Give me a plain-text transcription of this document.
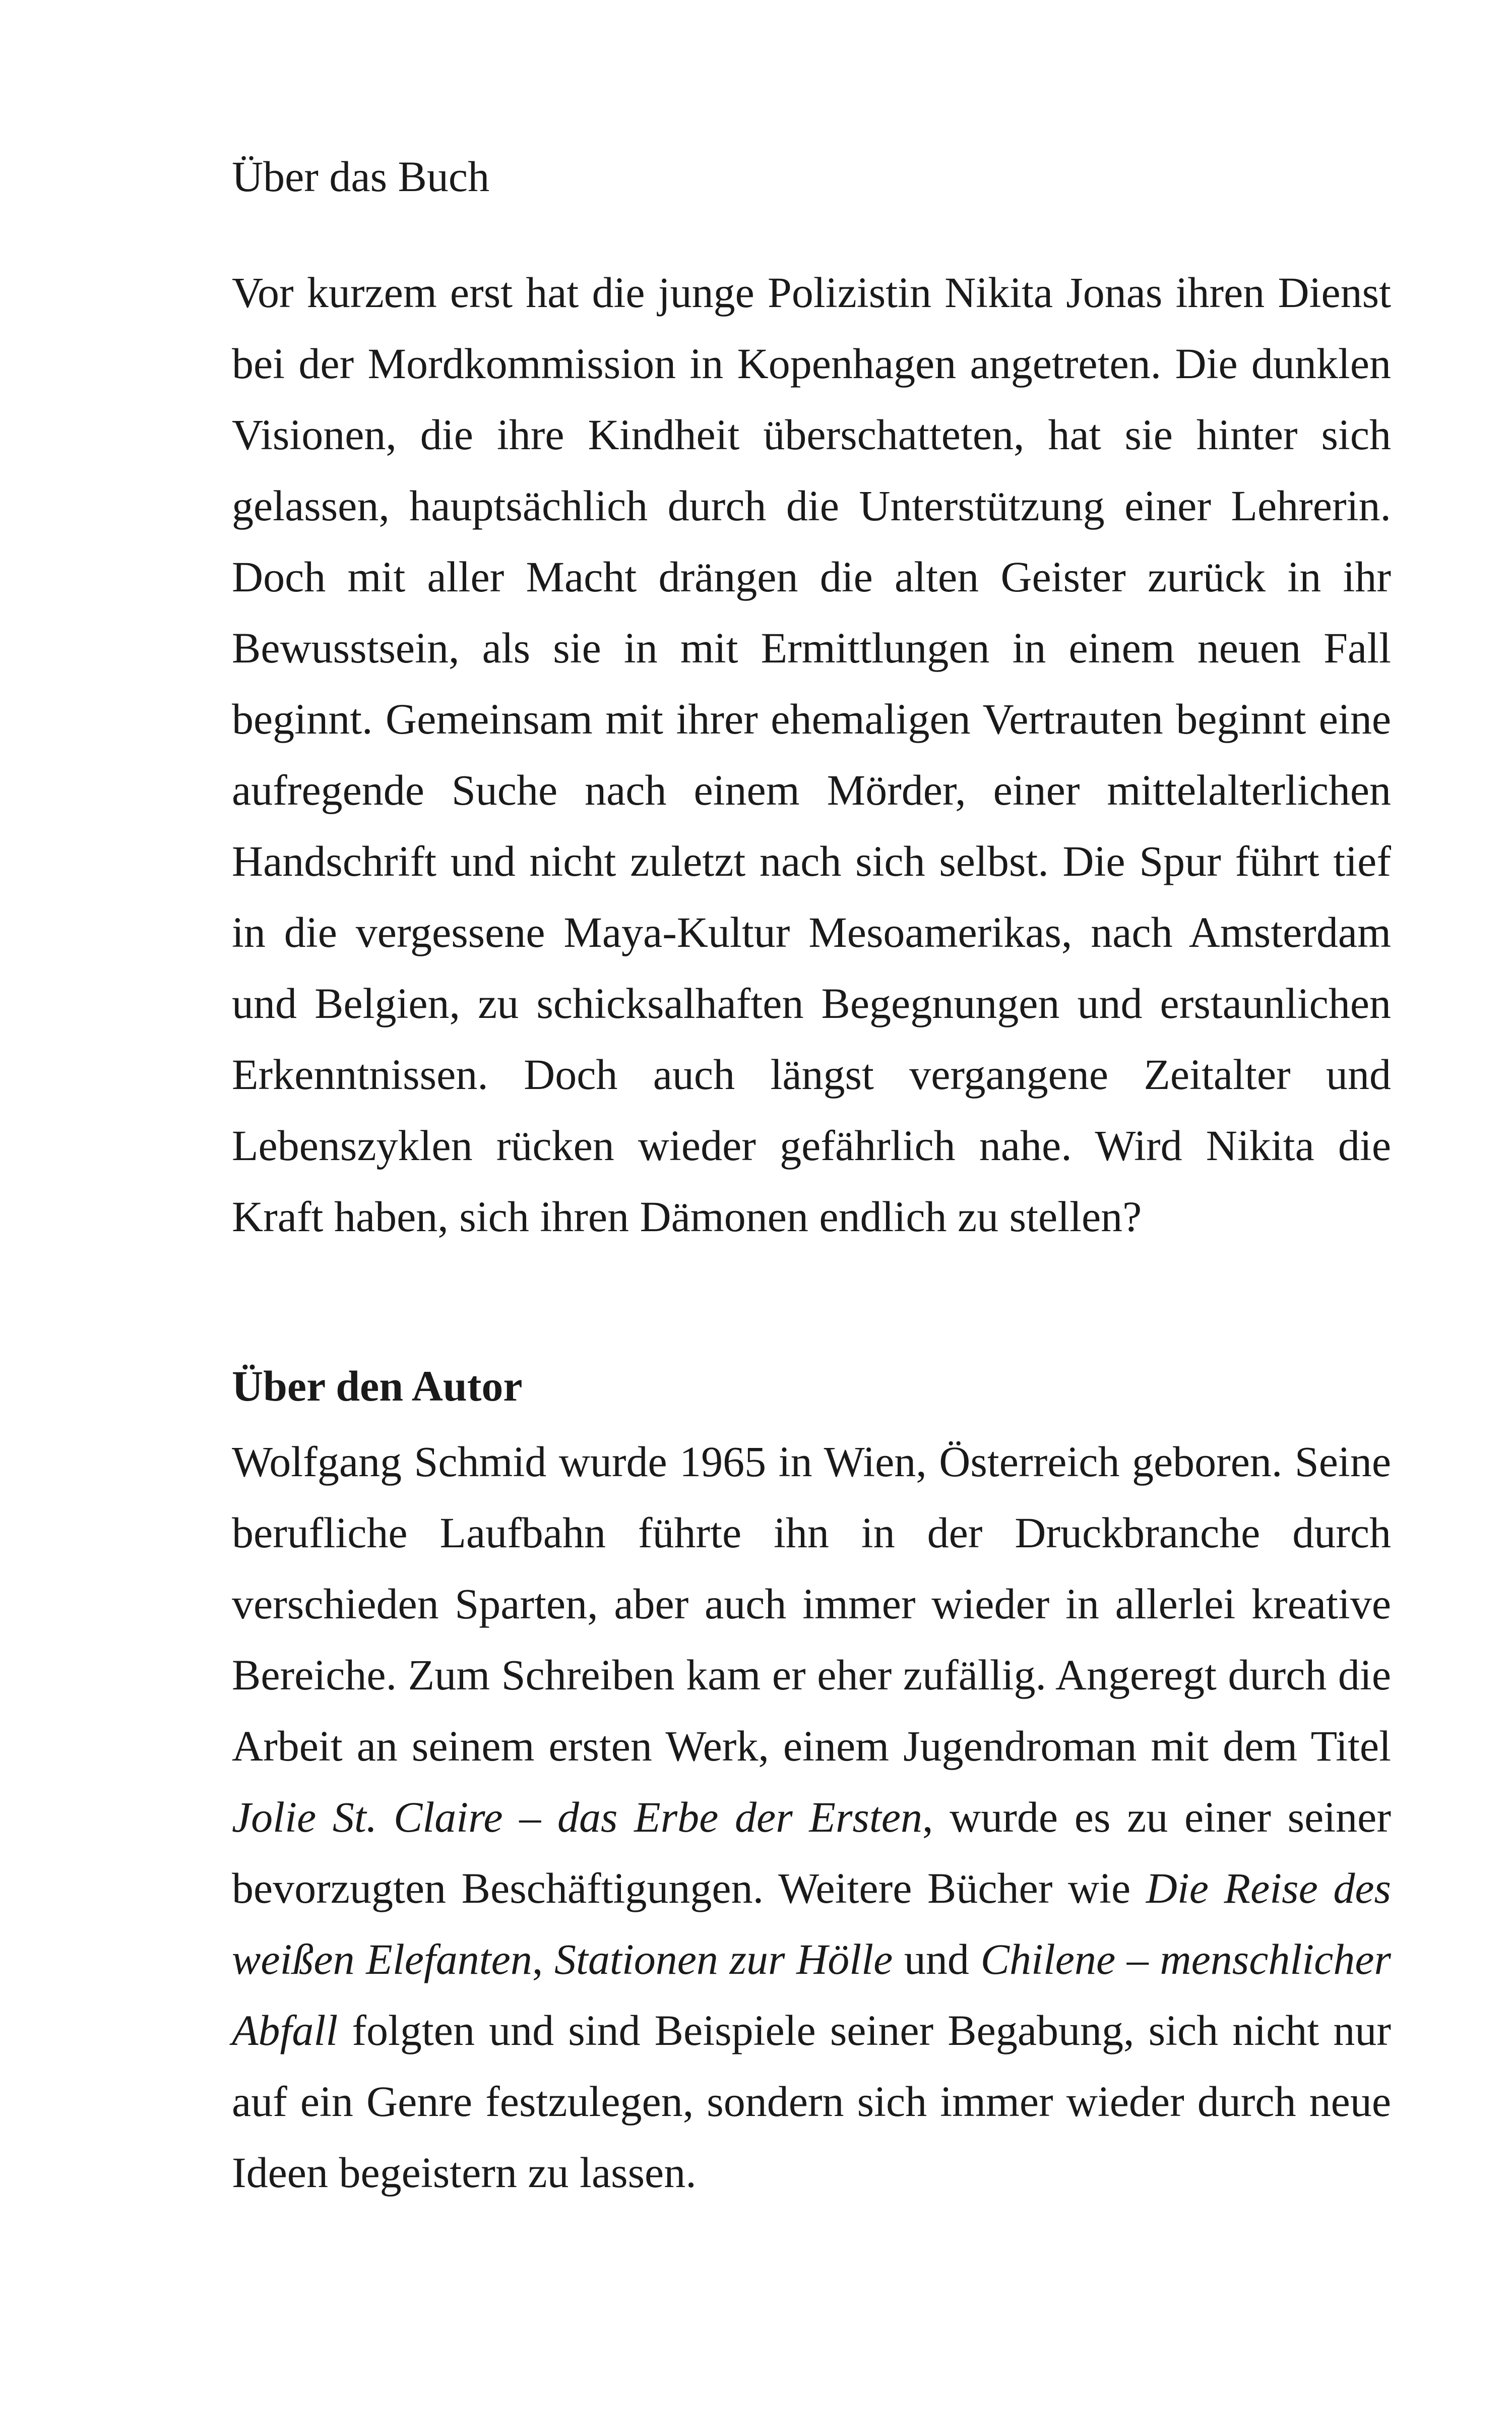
Über das Buch

Vor kurzem erst hat die junge Polizistin Nikita Jonas ihren Dienst bei der Mordkommission in Kopenhagen angetreten. Die dunklen Visionen, die ihre Kindheit überschatteten, hat sie hinter sich gelassen, hauptsächlich durch die Unterstützung einer Lehrerin. Doch mit aller Macht drängen die alten Geister zurück in ihr Bewusstsein, als sie in mit Ermittlungen in einem neuen Fall beginnt. Gemeinsam mit ihrer ehemaligen Vertrauten beginnt eine aufregende Suche nach einem Mörder, einer mittelalterlichen Handschrift und nicht zuletzt nach sich selbst. Die Spur führt tief in die vergessene Maya-Kultur Mesoamerikas, nach Amsterdam und Belgien, zu schicksalhaften Begegnungen und erstaunlichen Erkenntnissen. Doch auch längst vergangene Zeitalter und Lebenszyklen rücken wieder gefährlich nahe. Wird Nikita die Kraft haben, sich ihren Dämonen endlich zu stellen?

Über den Autor

Wolfgang Schmid wurde 1965 in Wien, Österreich geboren. Seine berufliche Laufbahn führte ihn in der Druckbranche durch verschieden Sparten, aber auch immer wieder in allerlei kreative Bereiche. Zum Schreiben kam er eher zufällig. Angeregt durch die Arbeit an seinem ersten Werk, einem Jugendroman mit dem Titel Jolie St. Claire – das Erbe der Ersten, wurde es zu einer seiner bevorzugten Beschäftigungen. Weitere Bücher wie Die Reise des weißen Elefanten, Stationen zur Hölle und Chilene – menschlicher Abfall folgten und sind Beispiele seiner Begabung, sich nicht nur auf ein Genre festzulegen, sondern sich immer wieder durch neue Ideen begeistern zu lassen.
